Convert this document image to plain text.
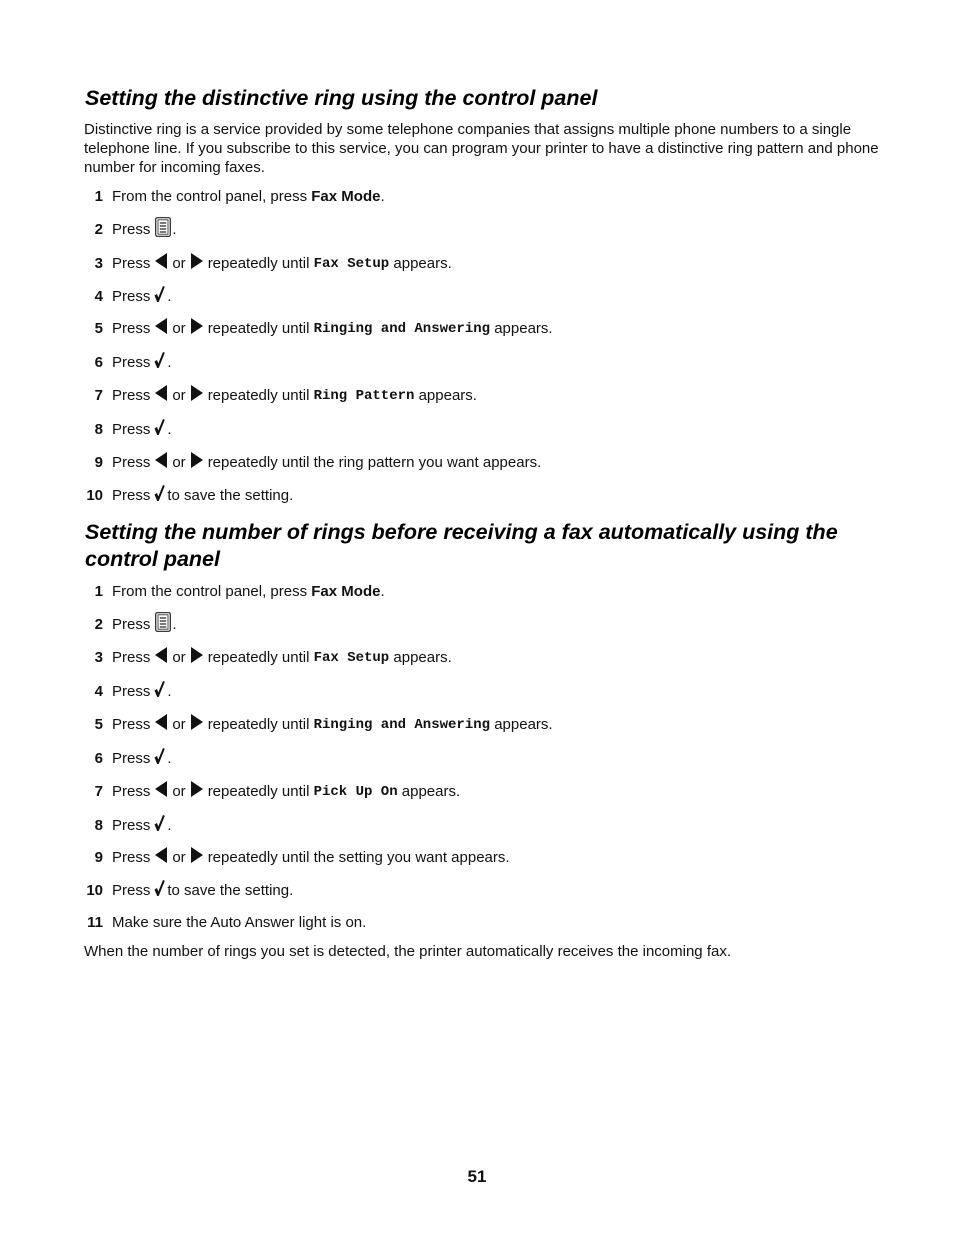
Setting the distinctive ring using the control panel

Distinctive ring is a service provided by some telephone companies that assigns multiple phone numbers to a single telephone line. If you subscribe to this service, you can program your printer to have a distinctive ring pattern and phone number for incoming faxes.

1 From the control panel, press Fax Mode .
2 Press .
3 Press or repeatedly until Fax Setup appears.
4 Press .
5 Press or repeatedly until Ringing and Answering appears.
6 Press .
7 Press or repeatedly until Ring Pattern appears.
8 Press .
9 Press or repeatedly until the ring pattern you want appears.
10 Press to save the setting.
Setting the number of rings before receiving a fax automatically using the
control panel
1 From the control panel, press Fax Mode .
2 Press .
3 Press or repeatedly until Fax Setup appears.
4 Press .
5 Press or repeatedly until Ringing and Answering appears.
6 Press .
7 Press or repeatedly until Pick Up On appears.
8 Press .
9 Press or repeatedly until the setting you want appears.
10 Press to save the setting.
11 Make sure the Auto Answer light is on.

When the number of rings you set is detected, the printer automatically receives the incoming fax.

51
